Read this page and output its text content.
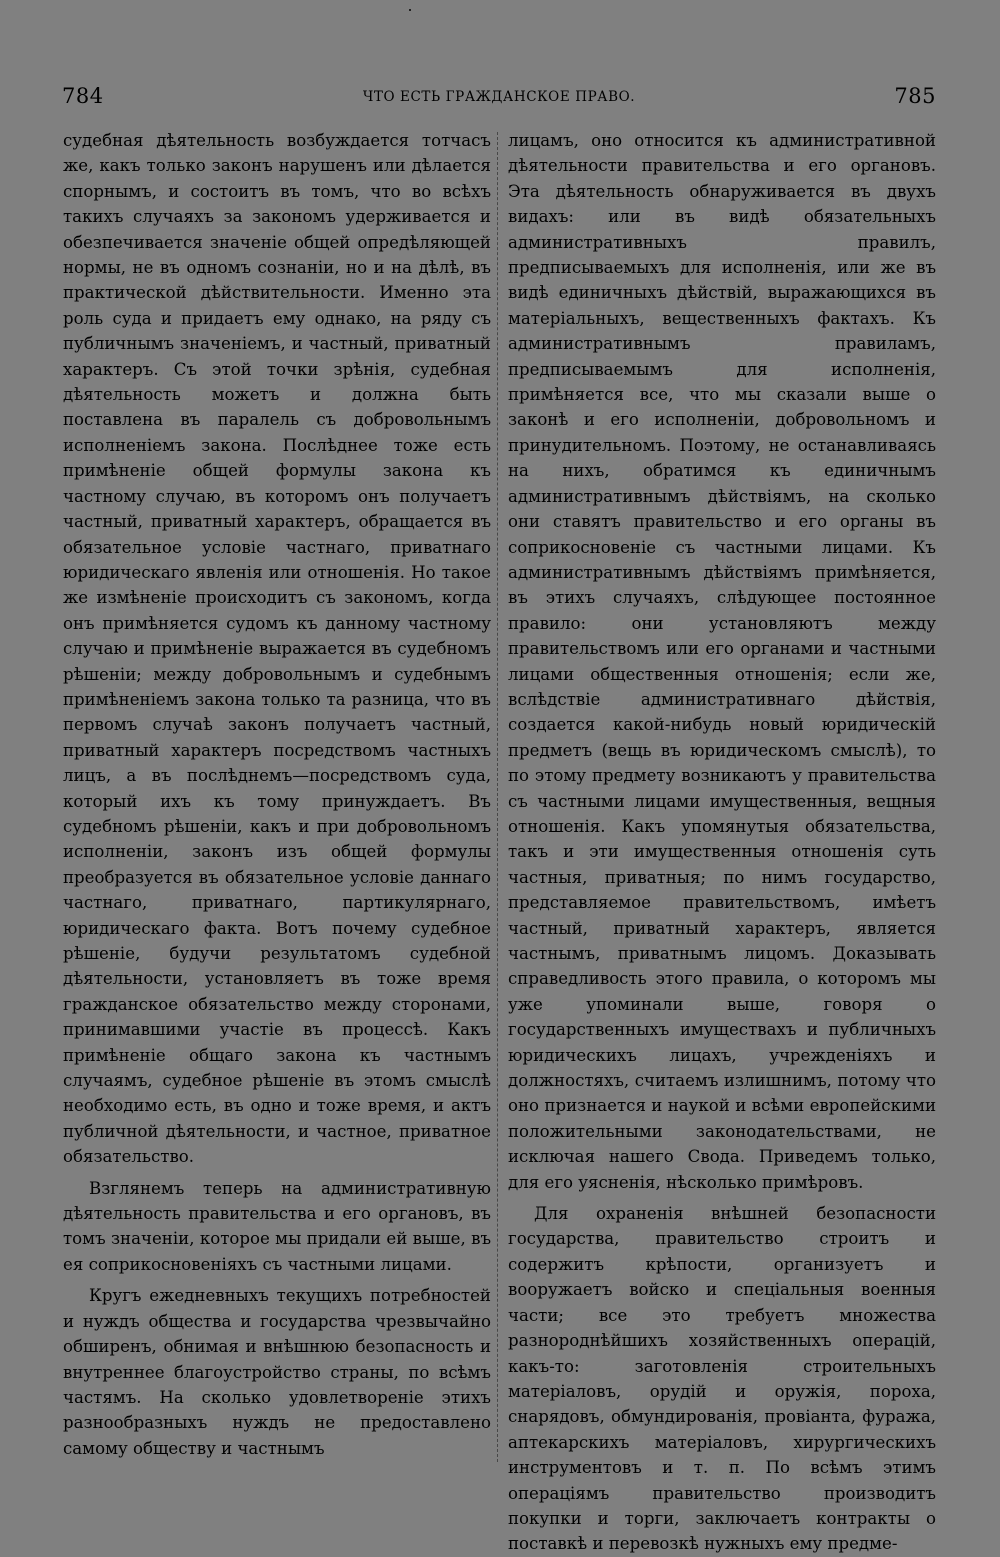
784	ЧТО ЕСТЬ ГРАЖДАНСКОЕ ПРАВО.	785

судебная дѣятельность возбуждается тотчасъ же, какъ только законъ нарушенъ или дѣлается спорнымъ, и состоитъ въ томъ, что во всѣхъ такихъ случаяхъ за закономъ удерживается и обезпечивается значеніе общей опредѣляющей нормы, не въ одномъ сознаніи, но и на дѣлѣ, въ практической дѣйствительности. Именно эта роль суда и придаетъ ему однако, на ряду съ публичнымъ значеніемъ, и частный, приватный характеръ. Съ этой точки зрѣнія, судебная дѣятельность можетъ и должна быть поставлена въ паралель съ добровольнымъ исполненіемъ закона. Послѣднее тоже есть примѣненіе общей формулы закона къ частному случаю, въ которомъ онъ получаетъ частный, приватный характеръ, обращается въ обязательное условіе частнаго, приватнаго юридическаго явленія или отношенія. Но такое же измѣненіе происходитъ съ закономъ, когда онъ примѣняется судомъ къ данному частному случаю и примѣненіе выражается въ судебномъ рѣшеніи; между добровольнымъ и судебнымъ примѣненіемъ закона только та разница, что въ первомъ случаѣ законъ получаетъ частный, приватный характеръ посредствомъ частныхъ лицъ, а въ послѣднемъ—посредствомъ суда, который ихъ къ тому принуждаетъ. Въ судебномъ рѣшеніи, какъ и при добровольномъ исполненіи, законъ изъ общей формулы преобразуется въ обязательное условіе даннаго частнаго, приватнаго, партикулярнаго, юридическаго факта. Вотъ почему судебное рѣшеніе, будучи результатомъ судебной дѣятельности, установляетъ въ тоже время гражданское обязательство между сторонами, принимавшими участіе въ процессѣ. Какъ примѣненіе общаго закона къ частнымъ случаямъ, судебное рѣшеніе въ этомъ смыслѣ необходимо есть, въ одно и тоже время, и актъ публичной дѣятельности, и частное, приватное обязательство.

Взглянемъ теперь на административную дѣятельность правительства и его органовъ, въ томъ значеніи, которое мы придали ей выше, въ ея соприкосновеніяхъ съ частными лицами.

Кругъ ежедневныхъ текущихъ потребностей и нуждъ общества и государства чрезвычайно обширенъ, обнимая и внѣшнюю безопасность и внутреннее благоустройство страны, по всѣмъ частямъ. На сколько удовлетвореніе этихъ разнообразныхъ нуждъ не предоставлено самому обществу и частнымъ

лицамъ, оно относится къ административной дѣятельности правительства и его органовъ. Эта дѣятельность обнаруживается въ двухъ видахъ: или въ видѣ обязательныхъ административныхъ правилъ, предписываемыхъ для исполненія, или же въ видѣ единичныхъ дѣйствій, выражающихся въ матеріальныхъ, вещественныхъ фактахъ. Къ административнымъ правиламъ, предписываемымъ для исполненія, примѣняется все, что мы сказали выше о законѣ и его исполненіи, добровольномъ и принудительномъ. Поэтому, не останавливаясь на нихъ, обратимся къ единичнымъ административнымъ дѣйствіямъ, на сколько они ставятъ правительство и его органы въ соприкосновеніе съ частными лицами. Къ административнымъ дѣйствіямъ примѣняется, въ этихъ случаяхъ, слѣдующее постоянное правило: они установляютъ между правительствомъ или его органами и частными лицами общественныя отношенія; если же, вслѣдствіе административнаго дѣйствія, создается какой-нибудь новый юридическій предметъ (вещь въ юридическомъ смыслѣ), то по этому предмету возникаютъ у правительства съ частными лицами имущественныя, вещныя отношенія. Какъ упомянутыя обязательства, такъ и эти имущественныя отношенія суть частныя, приватныя; по нимъ государство, представляемое правительствомъ, имѣетъ частный, приватный характеръ, является частнымъ, приватнымъ лицомъ. Доказывать справедливость этого правила, о которомъ мы уже упоминали выше, говоря о государственныхъ имуществахъ и публичныхъ юридическихъ лицахъ, учрежденіяхъ и должностяхъ, считаемъ излишнимъ, потому что оно признается и наукой и всѣми европейскими положительными законодательствами, не исключая нашего Свода. Приведемъ только, для его уясненія, нѣсколько примѣровъ.

Для охраненія внѣшней безопасности государства, правительство строитъ и содержитъ крѣпости, организуетъ и вооружаетъ войско и спеціальныя военныя части; все это требуетъ множества разнороднѣйшихъ хозяйственныхъ операцій, какъ-то: заготовленія строительныхъ матеріаловъ, орудій и оружія, пороха, снарядовъ, обмундированія, провіанта, фуража, аптекарскихъ матеріаловъ, хирургическихъ инструментовъ и т. п. По всѣмъ этимъ операціямъ правительство производитъ покупки и торги, заключаетъ контракты о поставкѣ и перевозкѣ нужныхъ ему предме-
